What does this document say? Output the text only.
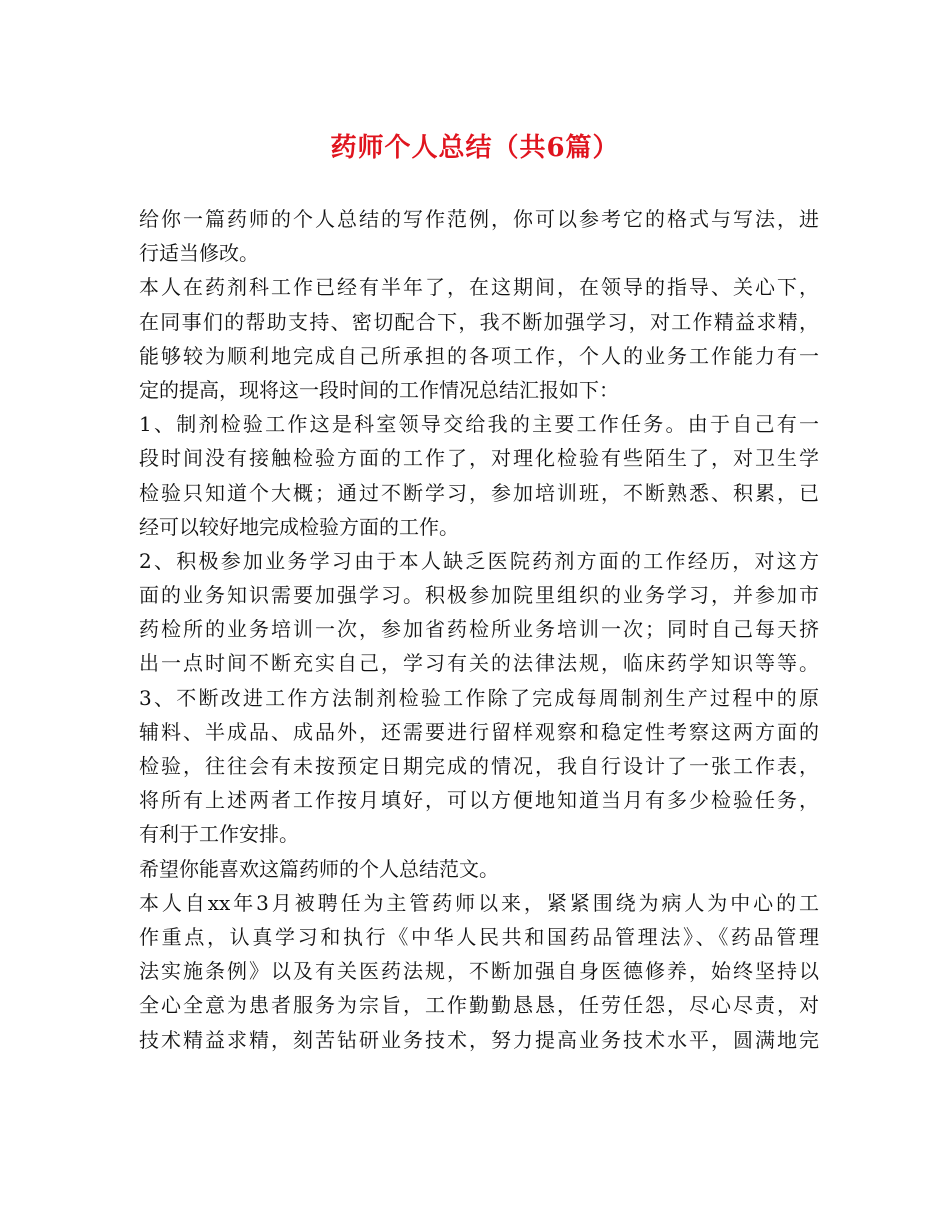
药师个人总结（共6篇）
给你一篇药师的个人总结的写作范例，你可以参考它的格式与写法，进
行适当修改。
本人在药剂科工作已经有半年了，在这期间，在领导的指导、关心下，
在同事们的帮助支持、密切配合下，我不断加强学习，对工作精益求精，
能够较为顺利地完成自己所承担的各项工作，个人的业务工作能力有一
定的提高，现将这一段时间的工作情况总结汇报如下：
1、制剂检验工作这是科室领导交给我的主要工作任务。由于自己有一
段时间没有接触检验方面的工作了，对理化检验有些陌生了，对卫生学
检验只知道个大概；通过不断学习，参加培训班，不断熟悉、积累，已
经可以较好地完成检验方面的工作。
2、积极参加业务学习由于本人缺乏医院药剂方面的工作经历，对这方
面的业务知识需要加强学习。积极参加院里组织的业务学习，并参加市
药检所的业务培训一次，参加省药检所业务培训一次；同时自己每天挤
出一点时间不断充实自己，学习有关的法律法规，临床药学知识等等。
3、不断改进工作方法制剂检验工作除了完成每周制剂生产过程中的原
辅料、半成品、成品外，还需要进行留样观察和稳定性考察这两方面的
检验，往往会有未按预定日期完成的情况，我自行设计了一张工作表，
将所有上述两者工作按月填好，可以方便地知道当月有多少检验任务，
有利于工作安排。
希望你能喜欢这篇药师的个人总结范文。
本人自xx年3月被聘任为主管药师以来，紧紧围绕为病人为中心的工
作重点，认真学习和执行《中华人民共和国药品管理法》、《药品管理
法实施条例》以及有关医药法规，不断加强自身医德修养，始终坚持以
全心全意为患者服务为宗旨，工作勤勤恳恳，任劳任怨，尽心尽责，对
技术精益求精，刻苦钻研业务技术，努力提高业务技术水平，圆满地完
